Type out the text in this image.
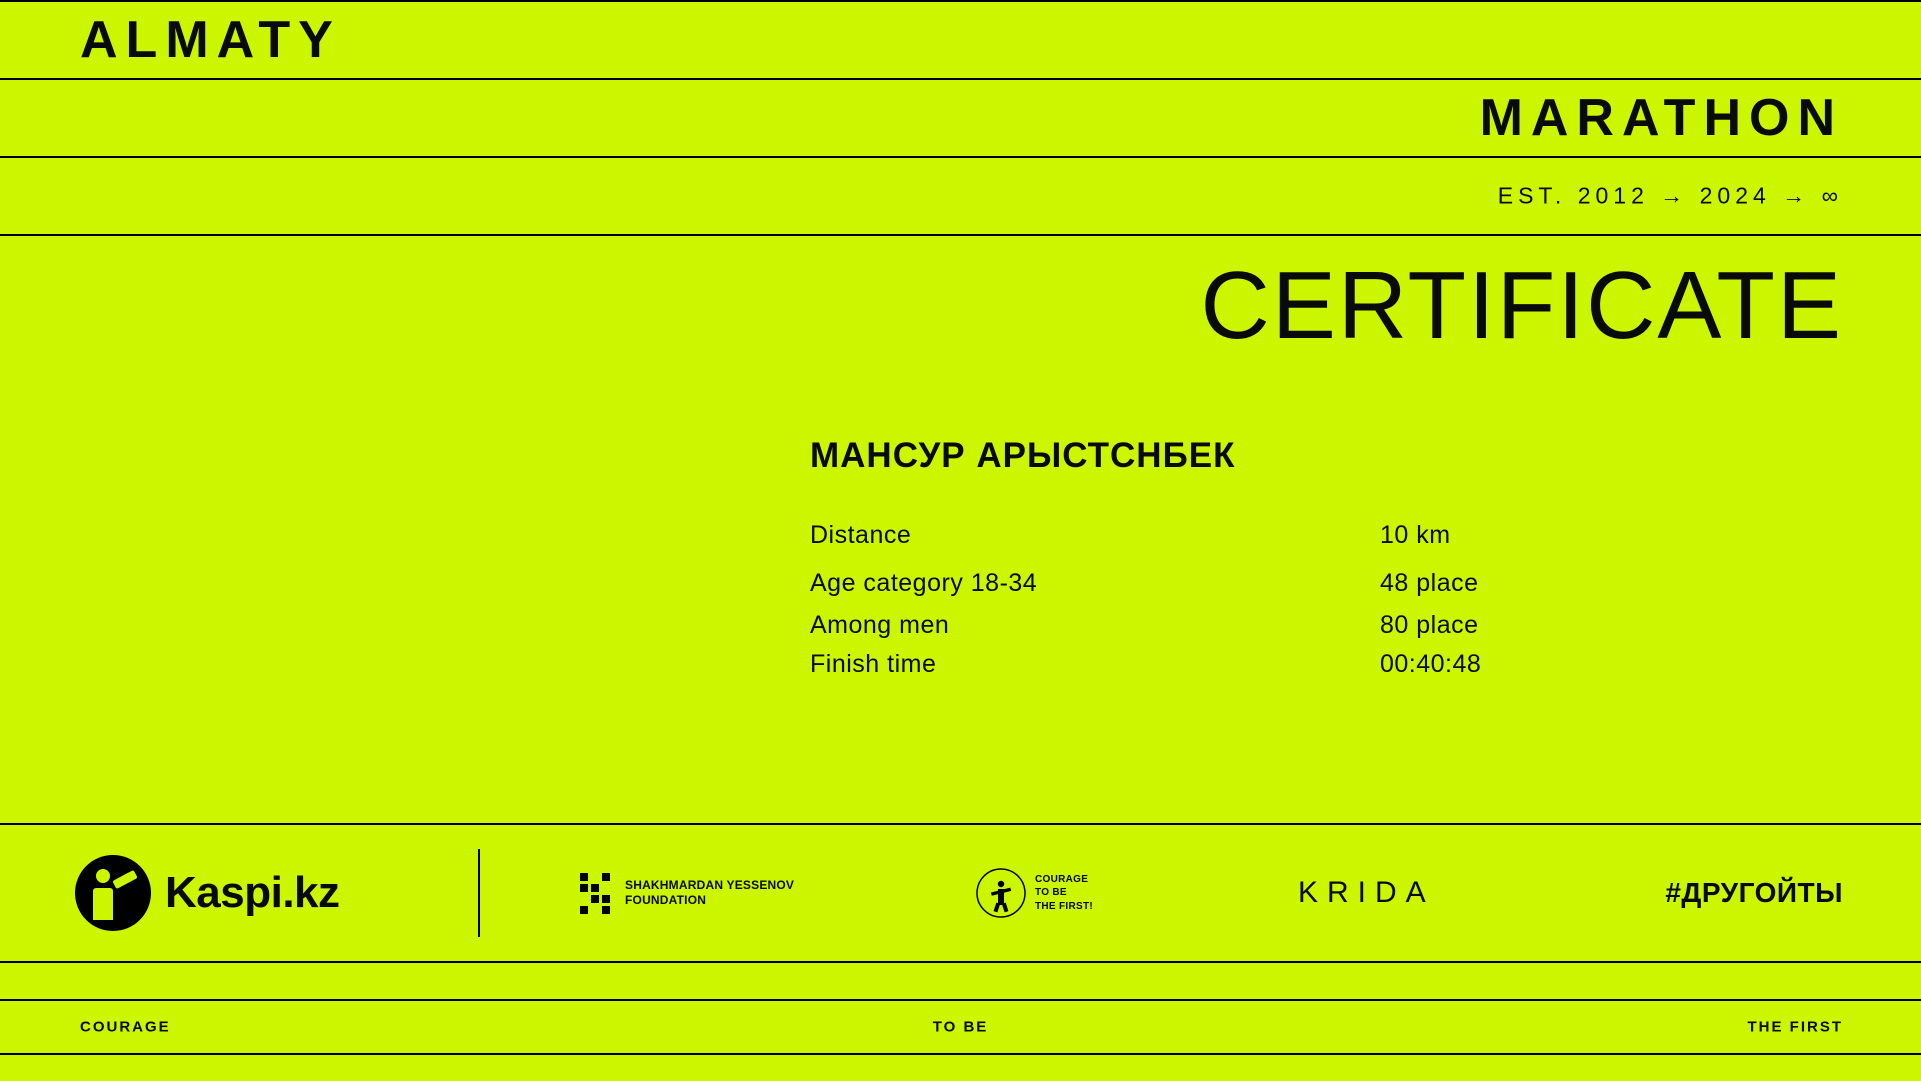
ALMATY
MARATHON
EST. 2012 → 2024 → ∞
CERTIFICATE
МАНСУР АРЫСТСНБЕК
Distance	10 km
Age category 18-34	48 place
Among men	80 place
Finish time	00:40:48
Kaspi.kz	SHAKHMARDAN YESSENOV
FOUNDATION
COURAGE
TO BE
THE FIRST!	KRIDA	#ДРУГОЙТЫ
COURAGE	TO BE	THE FIRST
